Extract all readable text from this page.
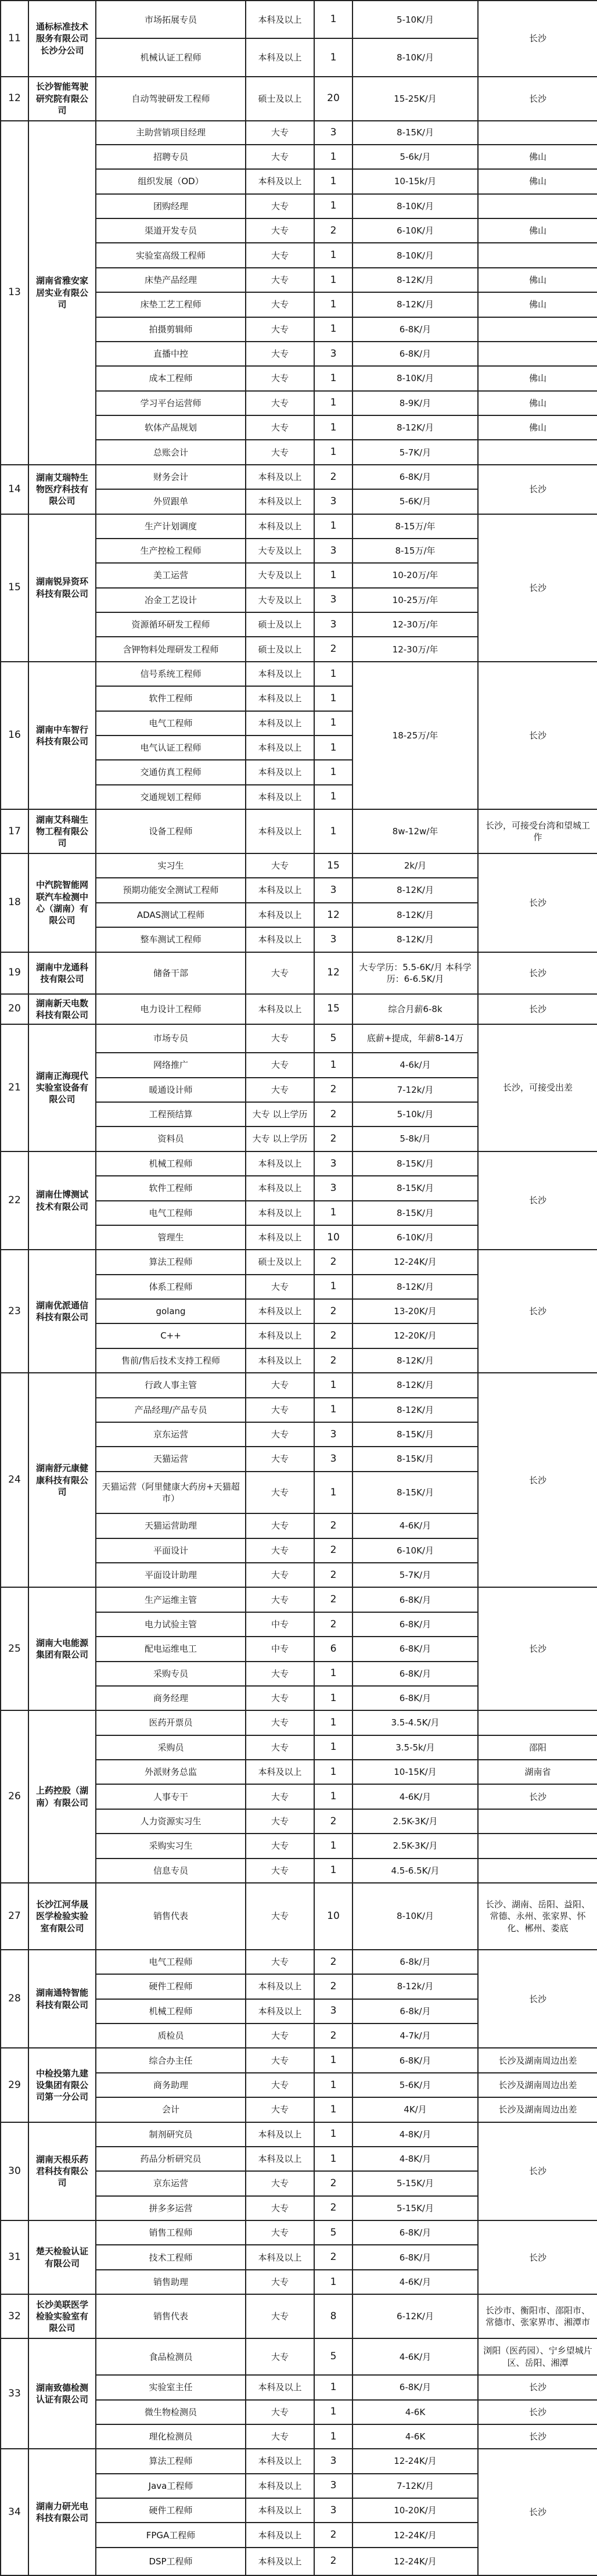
11	通标标准技术服务有限公司长沙分公司	市场拓展专员	本科及以上	1	5-10K/月	长沙
		机械认证工程师	本科及以上	1	8-10K/月	
12	长沙智能驾驶研究院有限公司	自动驾驶研发工程师	硕士及以上	20	15-25K/月	长沙
13	湖南省雅安家居实业有限公司	主助营销项目经理	大专	3	8-15K/月	
		招聘专员	大专	1	5-6k/月	佛山
		组织发展（OD）	本科及以上	1	10-15k/月	佛山
		团购经理	大专	1	8-10K/月	
		渠道开发专员	大专	2	6-10K/月	佛山
		实验室高级工程师	大专	1	8-10K/月	
		床垫产品经理	大专	1	8-12K/月	佛山
		床垫工艺工程师	大专	1	8-12K/月	佛山
		拍摄剪辑师	大专	1	6-8K/月	
		直播中控	大专	3	6-8K/月	
		成本工程师	大专	1	8-10K/月	佛山
		学习平台运营师	大专	1	8-9K/月	佛山
		软体产品规划	大专	1	8-12K/月	佛山
		总账会计	大专	1	5-7K/月	
14	湖南艾瑞特生物医疗科技有限公司	财务会计	本科及以上	2	6-8K/月	长沙
		外贸跟单	本科及以上	3	5-6K/月	
15	湖南锐异资环科技有限公司	生产计划调度	本科及以上	1	8-15万/年	长沙
		生产控检工程师	大专及以上	3	8-15万/年	
		美工运营	大专及以上	1	10-20万/年	
		冶金工艺设计	大专及以上	3	10-25万/年	
		资源循环研发工程师	硕士及以上	3	12-30万/年	
		含钾物料处理研发工程师	硕士及以上	2	12-30万/年	
16	湖南中车智行科技有限公司	信号系统工程师	本科及以上	1	18-25万/年	长沙
		软件工程师	本科及以上	1		
		电气工程师	本科及以上	1		
		电气认证工程师	本科及以上	1		
		交通仿真工程师	本科及以上	1		
		交通规划工程师	本科及以上	1		
17	湖南艾科瑞生物工程有限公司	设备工程师	本科及以上	1	8w-12w/年	长沙，可接受台湾和望城工作
18	中汽院智能网联汽车检测中心（湖南）有限公司	实习生	大专	15	2k/月	长沙
		预期功能安全测试工程师	本科及以上	3	8-12K/月	
		ADAS测试工程师	本科及以上	12	8-12K/月	
		整车测试工程师	本科及以上	3	8-12K/月	
19	湖南中龙通科技有限公司	储备干部	大专	12	大专学历：5.5-6K/月 本科学历：6-6.5K/月	长沙
20	湖南新天电数科技有限公司	电力设计工程师	本科及以上	15	综合月薪6-8k	长沙
21	湖南正海现代实验室设备有限公司	市场专员	大专	5	底薪+提成，年薪8-14万	长沙，可接受出差
		网络推广	大专	1	4-6k/月	
		暖通设计师	大专	2	7-12k/月	
		工程预结算	大专 以上学历	2	5-10k/月	
		资料员	大专 以上学历	2	5-8k/月	
22	湖南仕博测试技术有限公司	机械工程师	本科及以上	3	8-15K/月	长沙
		软件工程师	本科及以上	3	8-15K/月	
		电气工程师	本科及以上	1	8-15K/月	
		管理生	本科及以上	10	6-10K/月	
23	湖南优派通信科技有限公司	算法工程师	硕士及以上	2	12-24K/月	长沙
		体系工程师	大专	1	8-12K/月	
		golang	本科及以上	2	13-20K/月	
		C++	本科及以上	2	12-20K/月	
		售前/售后技术支持工程师	本科及以上	2	8-12K/月	
24	湖南舒元康健康科技有限公司	行政人事主管	大专	1	8-12K/月	长沙
		产品经理/产品专员	大专	1	8-12K/月	
		京东运营	大专	3	8-15K/月	
		天猫运营	大专	3	8-15K/月	
		天猫运营（阿里健康大药房+天猫超市）	大专	1	8-15K/月	
		天猫运营助理	大专	2	4-6K/月	
		平面设计	大专	2	6-10K/月	
		平面设计助理	大专	2	5-7K/月	
25	湖南大电能源集团有限公司	生产运维主管	大专	2	6-8K/月	长沙
		电力试验主管	中专	2	6-8K/月	
		配电运维电工	中专	6	6-8K/月	
		采购专员	大专	1	6-8K/月	
		商务经理	大专	1	6-8K/月	
26	上药控股（湖南）有限公司	医药开票员	大专	1	3.5-4.5K/月	
		采购员	大专	1	3.5-5k/月	邵阳
		外派财务总监	本科及以上	1	10-15K/月	湖南省
		人事专干	大专	1	4-6K/月	长沙
		人力资源实习生	大专	2	2.5K-3K/月	
		采购实习生	大专	1	2.5K-3K/月	
		信息专员	大专	1	4.5-6.5K/月	
27	长沙江河华晟医学检验实验室有限公司	销售代表	大专	10	8-10K/月	长沙、湖南、岳阳、益阳、常德、永州、张家界、怀化、郴州、娄底
28	湖南通特智能科技有限公司	电气工程师	大专	2	6-8k/月	长沙
		硬件工程师	本科及以上	2	8-12k/月	
		机械工程师	本科及以上	3	6-8k/月	
		质检员	大专	2	4-7k/月	
29	中检投第九建设集团有限公司第一分公司	综合办主任	大专	1	6-8K/月	长沙及湖南周边出差
		商务助理	大专	1	5-6K/月	长沙及湖南周边出差
		会计	大专	1	4K/月	长沙及湖南周边出差
30	湖南天根乐药君科技有限公司	制剂研究员	本科及以上	1	4-8K/月	长沙
		药品分析研究员	本科及以上	1	4-8K/月	
		京东运营	大专	2	5-15K/月	
		拼多多运营	大专	2	5-15K/月	
31	楚天检验认证有限公司	销售工程师	大专	5	6-8K/月	长沙
		技术工程师	本科及以上	2	6-8K/月	
		销售助理	大专	1	4-6K/月	
32	长沙美联医学检验实验室有限公司	销售代表	大专	8	6-12K/月	长沙市、衡阳市、邵阳市、常德市、张家界市、湘潭市
33	湖南致德检测认证有限公司	食品检测员	大专	5	4-6K/月	浏阳（医药园）、宁乡望城片区、岳阳、湘潭
		实验室主任	本科及以上	1	6-8K/月	长沙
		微生物检测员	大专	1	4-6K	长沙
		理化检测员	大专	1	4-6K	长沙
34	湖南力研光电科技有限公司	算法工程师	本科及以上	3	12-24K/月	长沙
		Java工程师	本科及以上	3	7-12K/月	
		硬件工程师	本科及以上	3	10-20K/月	
		FPGA工程师	本科及以上	2	12-24K/月	
		DSP工程师	本科及以上	2	12-24K/月	
